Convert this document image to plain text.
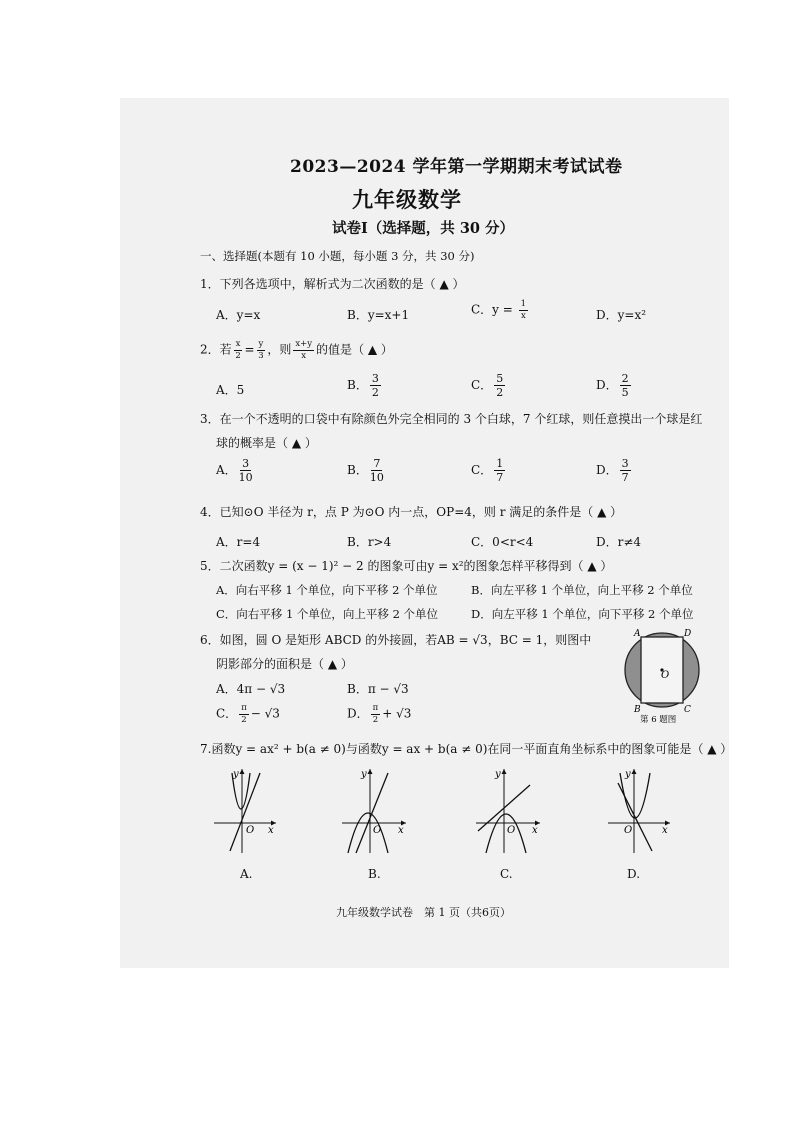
2023—2024 学年第一学期期末考试试卷
九年级数学
试卷Ⅰ（选择题，共 30 分）
一、选择题(本题有 10 小题，每小题 3 分，共 30 分)
1．下列各选项中，解析式为二次函数的是（ ▲ ）
A．y=x	B．y=x+1	C．$y = \frac{1}{x}$	D．y=x²
2．若 $\frac{x}{2} = \frac{y}{3}$ ，则 $\frac{x+y}{x}$ 的值是（ ▲ ）
A．5	B． $\frac{3}{2}$	C． $\frac{5}{2}$	D． $\frac{2}{5}$
3．在一个不透明的口袋中有除颜色外完全相同的 3 个白球，7 个红球，则任意摸出一个球是红
球的概率是（ ▲ ）
A． $\frac{3}{10}$	B． $\frac{7}{10}$	C． $\frac{1}{7}$	D． $\frac{3}{7}$
4．已知⊙O 半径为 r，点 P 为⊙O 内一点，OP=4，则 r 满足的条件是（ ▲ ）
A．r=4	B．r>4	C．0<r<4	D．r≠4
5．二次函数y = (x − 1)² − 2 的图象可由y = x²的图象怎样平移得到（ ▲ ）
A．向右平移 1 个单位，向下平移 2 个单位	B．向左平移 1 个单位，向上平移 2 个单位
C．向右平移 1 个单位，向上平移 2 个单位	D．向左平移 1 个单位，向下平移 2 个单位
6．如图，圆 O 是矩形 ABCD 的外接圆，若AB = √3，BC = 1，则图中
阴影部分的面积是（ ▲ ）
A．4π − √3	B．π − √3
C． $\frac{\pi}{2} - √3$	D． $\frac{\pi}{2} + √3$
A	D
B	C
O
第 6 题图
7.函数y = ax² + b(a ≠ 0)与函数y = ax + b(a ≠ 0)在同一平面直角坐标系中的图象可能是（ ▲ ）
y
x
O
A.
y
x
O
B.
y
x
O
C.
y
x
O
D.
九年级数学试卷　第 1 页（共6页）
